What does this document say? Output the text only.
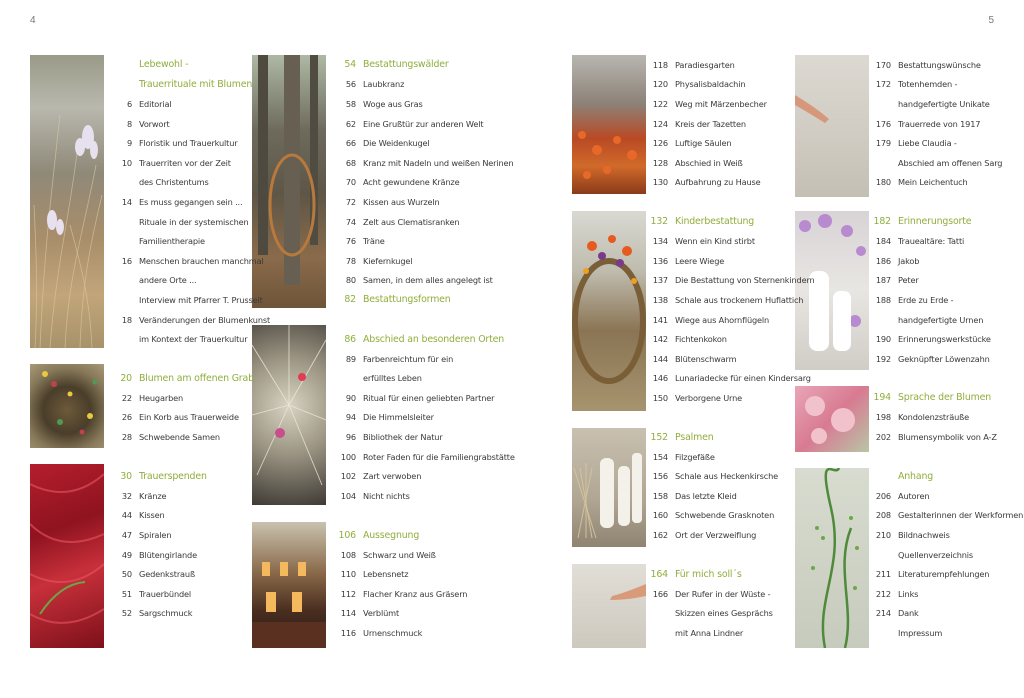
4	5
Lebewohl -
Trauerrituale mit Blumen
6 Editorial
8 Vorwort
9 Floristik und Trauerkultur
10 Trauerriten vor der Zeit
des Christentums
14 Es muss gegangen sein ...
Rituale in der systemischen
Familientherapie
16 Menschen brauchen manchmal
andere Orte ...
Interview mit Pfarrer T. Prusseit
18 Veränderungen der Blumenkunst
im Kontext der Trauerkultur
20 Blumen am offenen Grab
22 Heugarben
26 Ein Korb aus Trauerweide
28 Schwebende Samen
30 Trauerspenden
32 Kränze
44 Kissen
47 Spiralen
49 Blütengirlande
50 Gedenkstrauß
51 Trauerbündel
52 Sargschmuck
54 Bestattungswälder
56 Laubkranz
58 Woge aus Gras
62 Eine Grußtür zur anderen Welt
66 Die Weidenkugel
68 Kranz mit Nadeln und weißen Nerinen
70 Acht gewundene Kränze
72 Kissen aus Wurzeln
74 Zelt aus Clematisranken
76 Träne
78 Kiefernkugel
80 Samen, in dem alles angelegt ist
82 Bestattungsformen
86 Abschied an besonderen Orten
89 Farbenreichtum für ein
erfülltes Leben
90 Ritual für einen geliebten Partner
94 Die Himmelsleiter
96 Bibliothek der Natur
100 Roter Faden für die Familiengrabstätte
102 Zart verwoben
104 Nicht nichts
106 Aussegnung
108 Schwarz und Weiß
110 Lebensnetz
112 Flacher Kranz aus Gräsern
114 Verblümt
116 Urnenschmuck
118 Paradiesgarten
120 Physalisbaldachin
122 Weg mit Märzenbecher
124 Kreis der Tazetten
126 Luftige Säulen
128 Abschied in Weiß
130 Aufbahrung zu Hause
132 Kinderbestattung
134 Wenn ein Kind stirbt
136 Leere Wiege
137 Die Bestattung von Sternenkindern
138 Schale aus trockenem Huflattich
141 Wiege aus Ahornflügeln
142 Fichtenkokon
144 Blütenschwarm
146 Lunariadecke für einen Kindersarg
150 Verborgene Urne
152 Psalmen
154 Filzgefäße
156 Schale aus Heckenkirsche
158 Das letzte Kleid
160 Schwebende Grasknoten
162 Ort der Verzweiflung
164 Für mich soll´s
166 Der Rufer in der Wüste -
Skizzen eines Gesprächs
mit Anna Lindner
170 Bestattungswünsche
172 Totenhemden -
handgefertigte Unikate
176 Trauerrede von 1917
179 Liebe Claudia -
Abschied am offenen Sarg
180 Mein Leichentuch
182 Erinnerungsorte
184 Trauealtäre: Tatti
186 Jakob
187 Peter
188 Erde zu Erde -
handgefertigte Urnen
190 Erinnerungswerkstücke
192 Geknüpfter Löwenzahn
194 Sprache der Blumen
198 Kondolenzsträuße
202 Blumensymbolik von A-Z
Anhang
206 Autoren
208 Gestalterinnen der Werkformen
210 Bildnachweis
Quellenverzeichnis
211 Literaturempfehlungen
212 Links
214 Dank
Impressum
